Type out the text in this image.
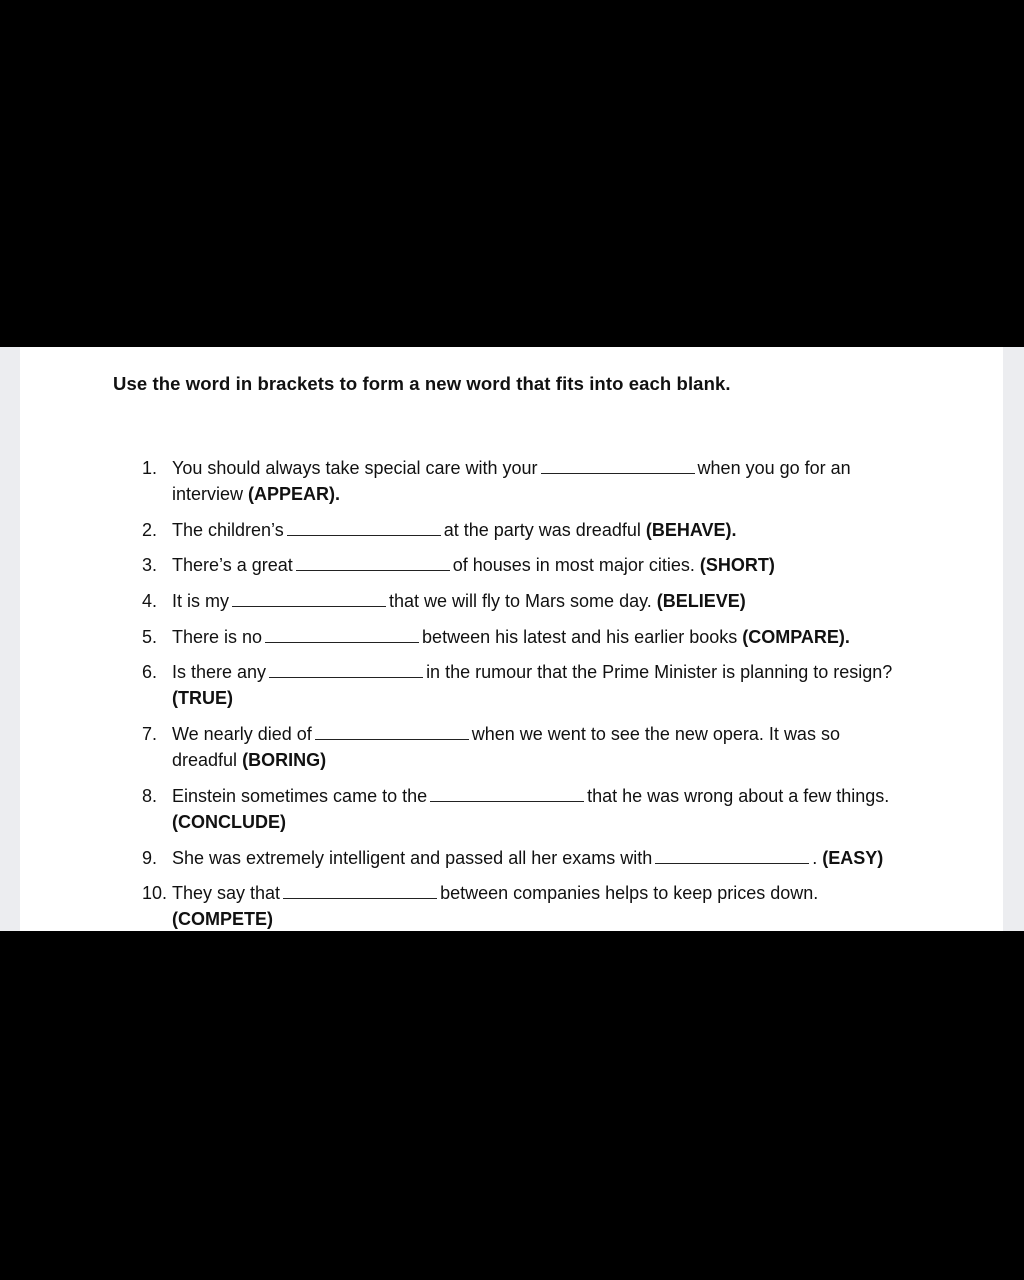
Use the word in brackets to form a new word that fits into each blank.
1. You should always take special care with your	when you go for an
interview (APPEAR).
2. The children’s	at the party was dreadful (BEHAVE).
3. There’s a great	of houses in most major cities. (SHORT)
4. It is my	that we will fly to Mars some day. (BELIEVE)
5. There is no	between his latest and his earlier books (COMPARE).
6. Is there any	in the rumour that the Prime Minister is planning to resign?
(TRUE)
7. We nearly died of	when we went to see the new opera. It was so
dreadful (BORING)
8. Einstein sometimes came to the	that he was wrong about a few things.
(CONCLUDE)
9. She was extremely intelligent and passed all her exams with	. (EASY)
10. They say that	between companies helps to keep prices down.
(COMPETE)
